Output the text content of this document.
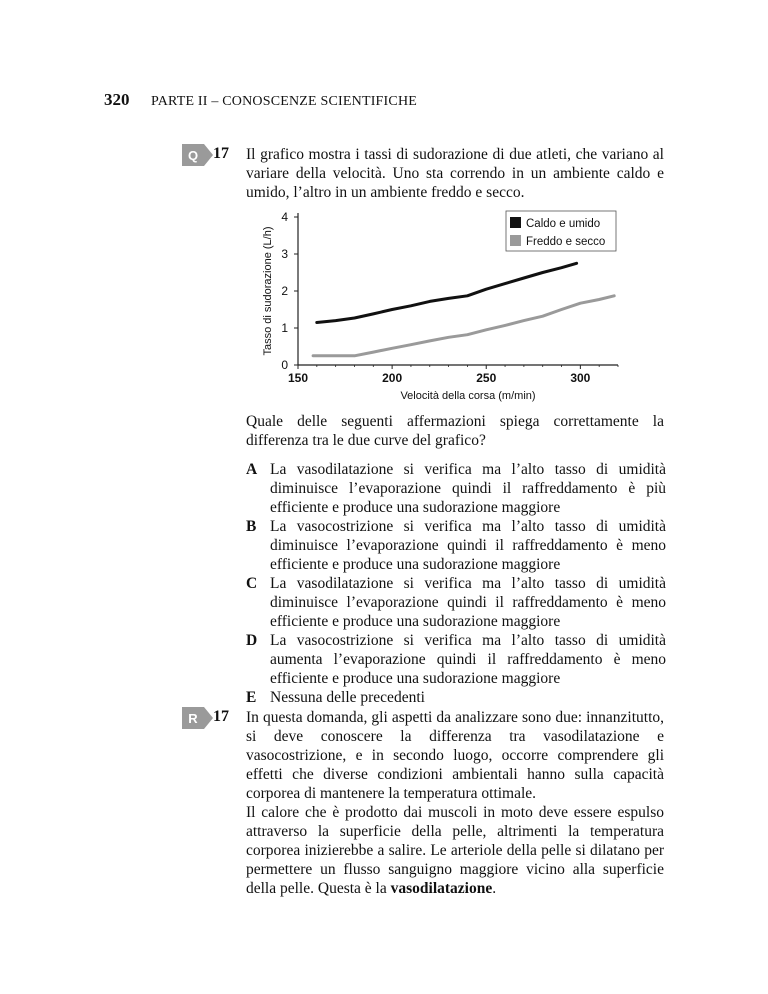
320 PARTE II – CONOSCENZE SCIENTIFICHE
Q 17 Il grafico mostra i tassi di sudorazione di due atleti, che variano al variare della velocità. Uno sta correndo in un ambiente caldo e umido, l’altro in un ambiente freddo e secco.

0
1
2
3
4
150	200	250	300
Velocità della corsa (m/min)
Tasso di sudorazione (L/h)
Caldo e umido
Freddo e secco

Quale delle seguenti affermazioni spiega correttamente la differenza tra le due curve del grafico?

A La vasodilatazione si verifica ma l’alto tasso di umidità diminuisce l’evaporazione quindi il raffreddamento è più efficiente e produce una sudorazione maggiore
B La vasocostrizione si verifica ma l’alto tasso di umidità diminuisce l’evaporazione quindi il raffreddamento è meno efficiente e produce una sudorazione maggiore
C La vasodilatazione si verifica ma l’alto tasso di umidità diminuisce l’evaporazione quindi il raffreddamento è meno efficiente e produce una sudorazione maggiore
D La vasocostrizione si verifica ma l’alto tasso di umidità aumenta l’evaporazione quindi il raffreddamento è meno efficiente e produce una sudorazione maggiore
E Nessuna delle precedenti
R 17 In questa domanda, gli aspetti da analizzare sono due: innanzitutto, si deve conoscere la differenza tra vasodilatazione e vasocostrizione, e in secondo luogo, occorre comprendere gli effetti che diverse condizioni ambientali hanno sulla capacità corporea di mantenere la temperatura ottimale.

Il calore che è prodotto dai muscoli in moto deve essere espulso attraverso la superficie della pelle, altrimenti la temperatura corporea inizierebbe a salire. Le arteriole della pelle si dilatano per permettere un flusso sanguigno maggiore vicino alla superficie della pelle. Questa è la vasodilatazione.
